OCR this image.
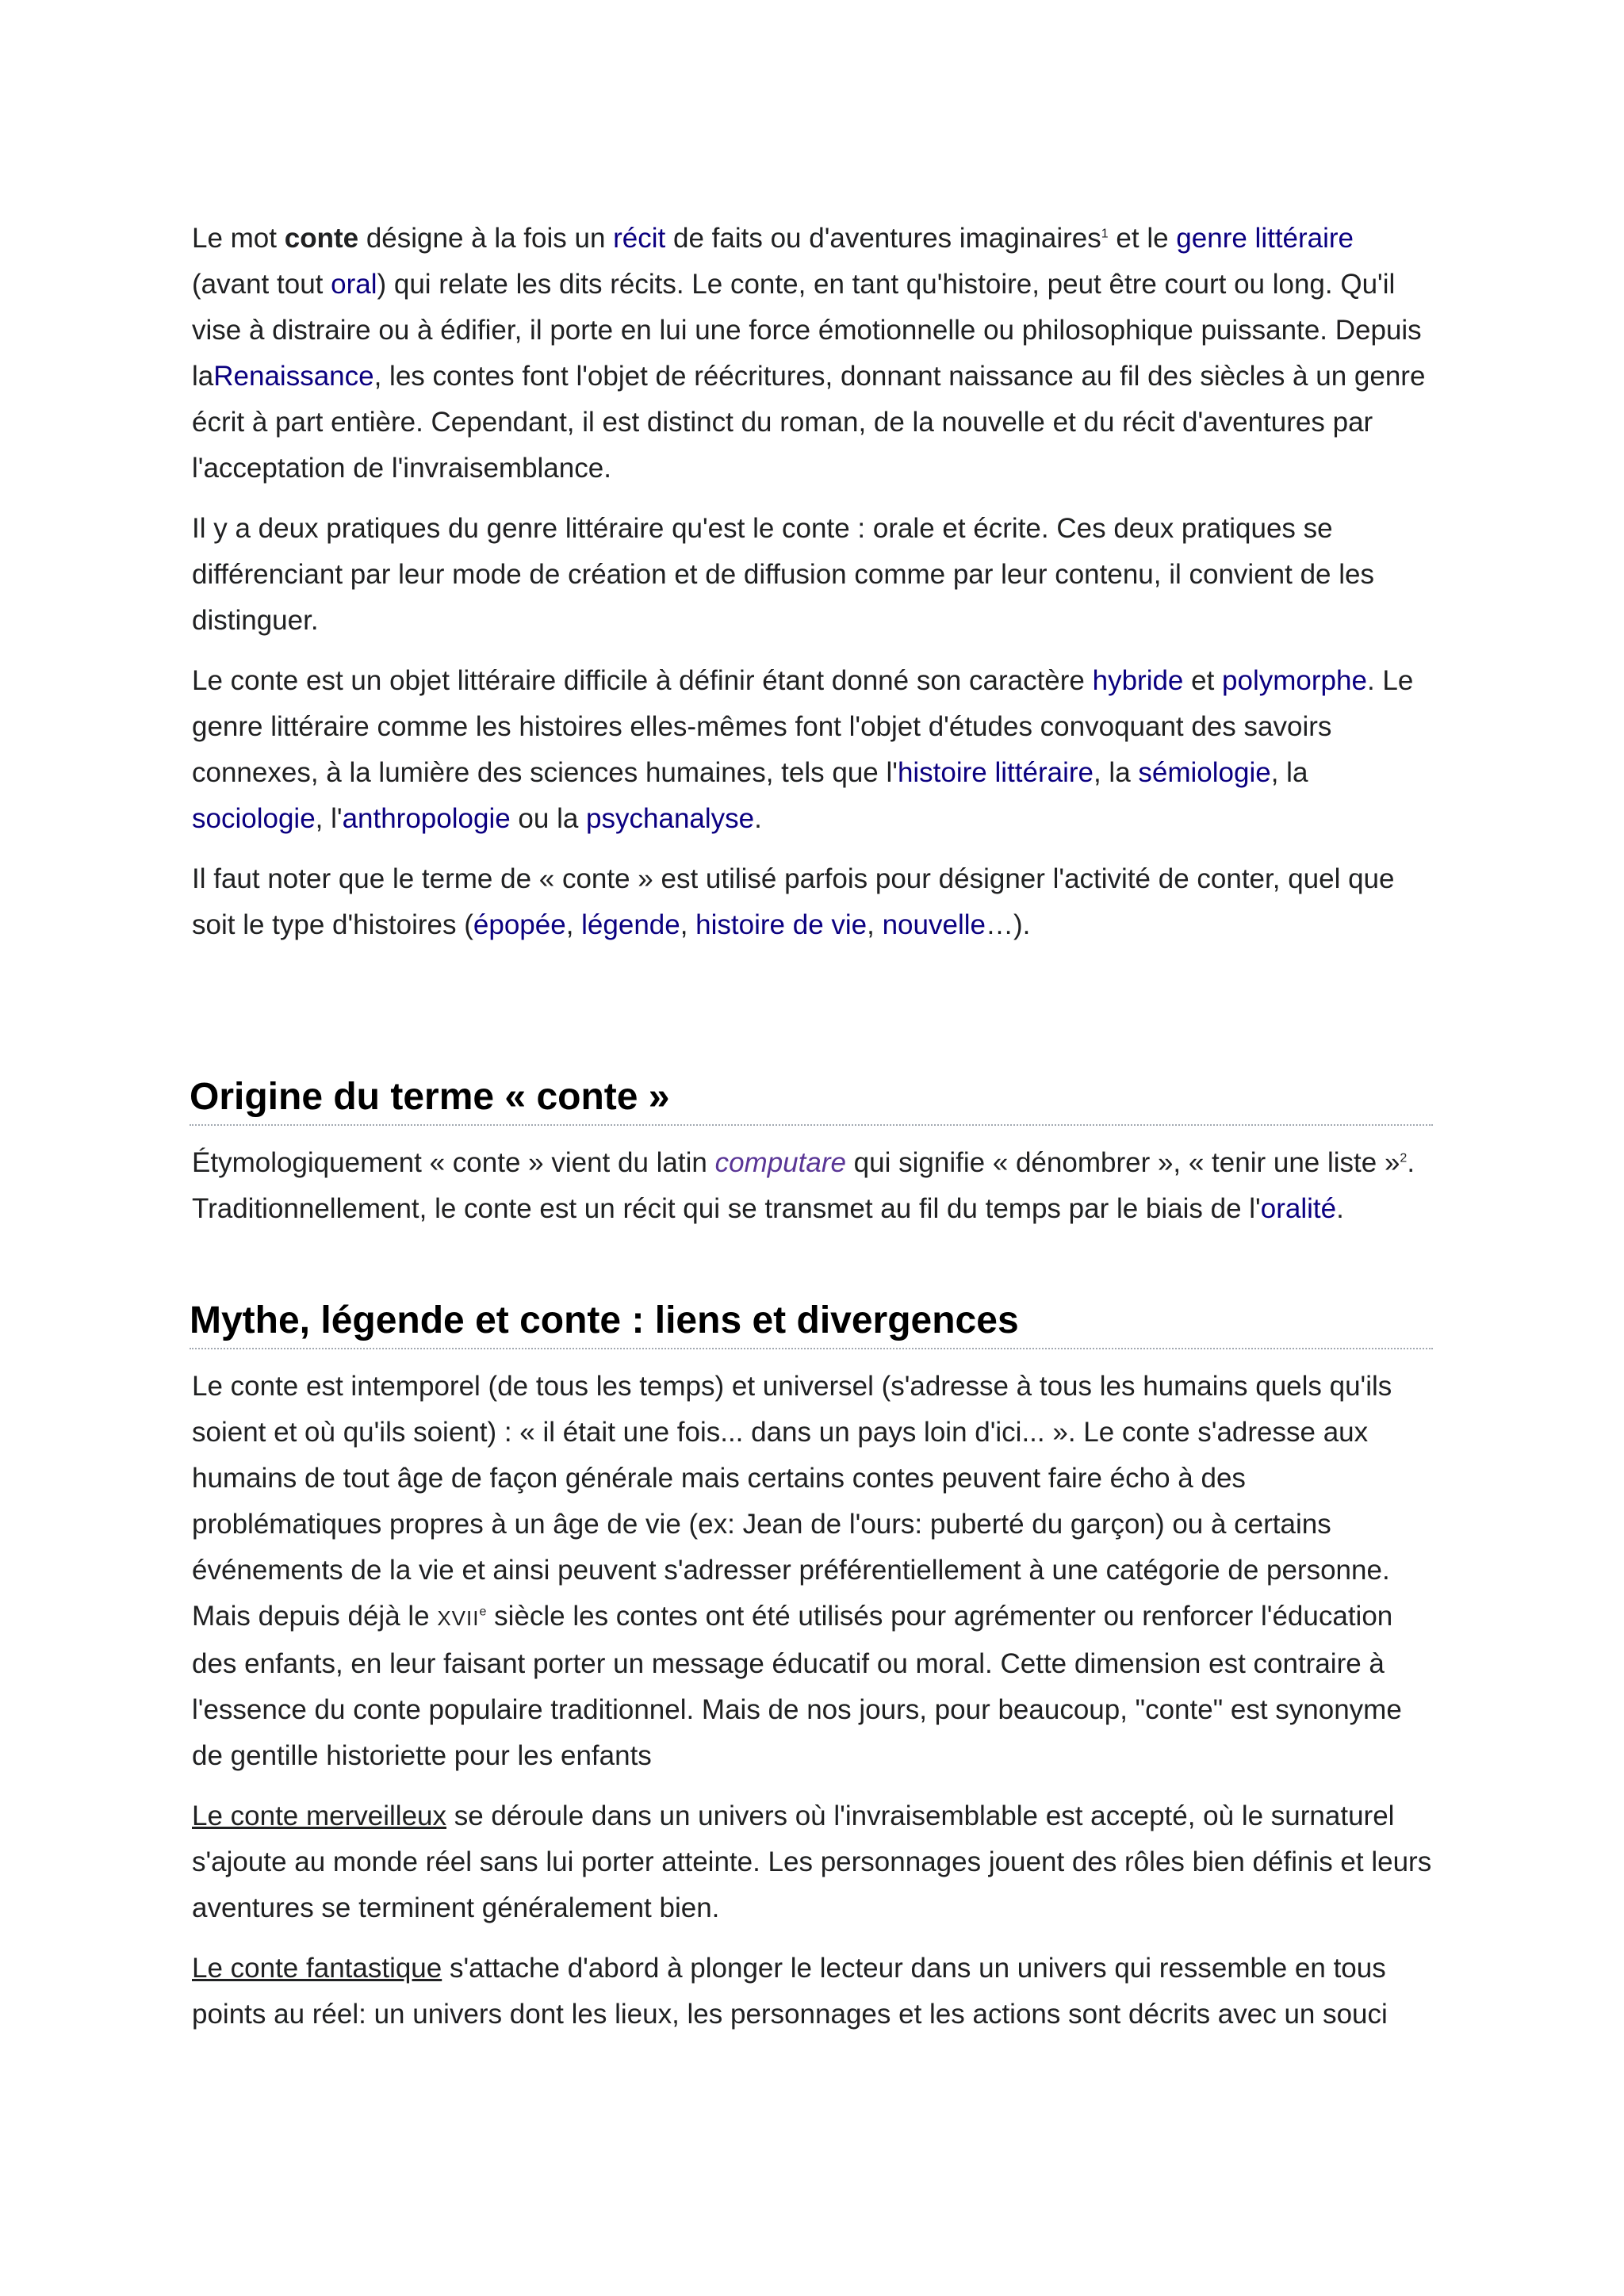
Le mot conte désigne à la fois un récit de faits ou d'aventures imaginaires$^1$ et le genre littéraire (avant tout oral) qui relate les dits récits. Le conte, en tant qu'histoire, peut être court ou long. Qu'il vise à distraire ou à édifier, il porte en lui une force émotionnelle ou philosophique puissante. Depuis laRenaissance, les contes font l'objet de réécritures, donnant naissance au fil des siècles à un genre écrit à part entière. Cependant, il est distinct du roman, de la nouvelle et du récit d'aventures par l'acceptation de l'invraisemblance.

Il y a deux pratiques du genre littéraire qu'est le conte : orale et écrite. Ces deux pratiques se différenciant par leur mode de création et de diffusion comme par leur contenu, il convient de les distinguer.

Le conte est un objet littéraire difficile à définir étant donné son caractère hybride et polymorphe. Le genre littéraire comme les histoires elles-mêmes font l'objet d'études convoquant des savoirs connexes, à la lumière des sciences humaines, tels que l'histoire littéraire, la sémiologie, la sociologie, l'anthropologie ou la psychanalyse.

Il faut noter que le terme de « conte » est utilisé parfois pour désigner l'activité de conter, quel que soit le type d'histoires (épopée, légende, histoire de vie, nouvelle…).

Origine du terme « conte »

Étymologiquement « conte » vient du latin computare qui signifie « dénombrer », « tenir une liste »$^2$. Traditionnellement, le conte est un récit qui se transmet au fil du temps par le biais de l'oralité.

Mythe, légende et conte : liens et divergences

Le conte est intemporel (de tous les temps) et universel (s'adresse à tous les humains quels qu'ils soient et où qu'ils soient) : « il était une fois... dans un pays loin d'ici... ». Le conte s'adresse aux humains de tout âge de façon générale mais certains contes peuvent faire écho à des problématiques propres à un âge de vie (ex: Jean de l'ours: puberté du garçon) ou à certains événements de la vie et ainsi peuvent s'adresser préférentiellement à une catégorie de personne. Mais depuis déjà le XVIIe siècle les contes ont été utilisés pour agrémenter ou renforcer l'éducation des enfants, en leur faisant porter un message éducatif ou moral. Cette dimension est contraire à l'essence du conte populaire traditionnel. Mais de nos jours, pour beaucoup, "conte" est synonyme de gentille historiette pour les enfants

Le conte merveilleux se déroule dans un univers où l'invraisemblable est accepté, où le surnaturel s'ajoute au monde réel sans lui porter atteinte. Les personnages jouent des rôles bien définis et leurs aventures se terminent généralement bien.

Le conte fantastique s'attache d'abord à plonger le lecteur dans un univers qui ressemble en tous points au réel: un univers dont les lieux, les personnages et les actions sont décrits avec un souci
